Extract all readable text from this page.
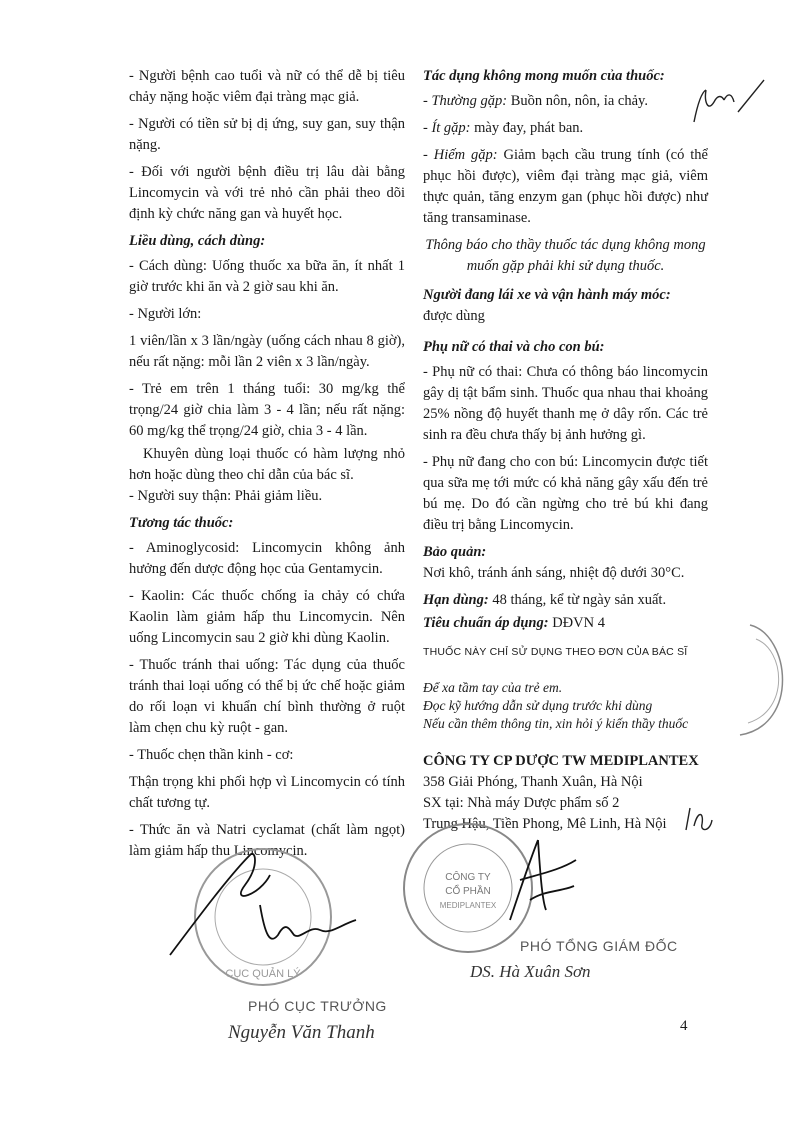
- Người bệnh cao tuổi và nữ có thể dễ bị tiêu chảy nặng hoặc viêm đại tràng mạc giả.

- Người có tiền sử bị dị ứng, suy gan, suy thận nặng.

- Đối với người bệnh điều trị lâu dài bằng Lincomycin và với trẻ nhỏ cần phải theo dõi định kỳ chức năng gan và huyết học.

Liều dùng, cách dùng:

- Cách dùng: Uống thuốc xa bữa ăn, ít nhất 1 giờ trước khi ăn và 2 giờ sau khi ăn.

- Người lớn:

1 viên/lần x 3 lần/ngày (uống cách nhau 8 giờ), nếu rất nặng: mỗi lần 2 viên x 3 lần/ngày.

- Trẻ em trên 1 tháng tuổi: 30 mg/kg thể trọng/24 giờ chia làm 3 - 4 lần; nếu rất nặng: 60 mg/kg thể trọng/24 giờ, chia 3 - 4 lần.

Khuyên dùng loại thuốc có hàm lượng nhỏ hơn hoặc dùng theo chỉ dẫn của bác sĩ.

- Người suy thận: Phải giảm liều.

Tương tác thuốc:

- Aminoglycosid: Lincomycin không ảnh hưởng đến dược động học của Gentamycin.

- Kaolin: Các thuốc chống ỉa chảy có chứa Kaolin làm giảm hấp thu Lincomycin. Nên uống Lincomycin sau 2 giờ khi dùng Kaolin.

- Thuốc tránh thai uống: Tác dụng của thuốc tránh thai loại uống có thể bị ức chế hoặc giảm do rối loạn vi khuẩn chí bình thường ở ruột làm chẹn chu kỳ ruột - gan.

- Thuốc chẹn thần kinh - cơ:

Thận trọng khi phối hợp vì Lincomycin có tính chất tương tự.

- Thức ăn và Natri cyclamat (chất làm ngọt) làm giảm hấp thu Lincomycin.

Tác dụng không mong muốn của thuốc:

- Thường gặp: Buồn nôn, nôn, ỉa chảy.

- Ít gặp: mày đay, phát ban.

- Hiếm gặp: Giảm bạch cầu trung tính (có thể phục hồi được), viêm đại tràng mạc giả, viêm thực quản, tăng enzym gan (phục hồi được) như tăng transaminase.

Thông báo cho thầy thuốc tác dụng không mong muốn gặp phải khi sử dụng thuốc.

Người đang lái xe và vận hành máy móc:

được dùng

Phụ nữ có thai và cho con bú:

- Phụ nữ có thai: Chưa có thông báo lincomycin gây dị tật bẩm sinh. Thuốc qua nhau thai khoảng 25% nồng độ huyết thanh mẹ ở dây rốn. Các trẻ sinh ra đều chưa thấy bị ảnh hưởng gì.

- Phụ nữ đang cho con bú: Lincomycin được tiết qua sữa mẹ tới mức có khả năng gây xấu đến trẻ bú mẹ. Do đó cần ngừng cho trẻ bú khi đang điều trị bằng Lincomycin.

Bảo quản:

Nơi khô, tránh ánh sáng, nhiệt độ dưới 30°C.

Hạn dùng: 48 tháng, kể từ ngày sản xuất.

Tiêu chuẩn áp dụng: DĐVN 4

THUỐC NÀY CHỈ SỬ DỤNG THEO ĐƠN CỦA BÁC SĨ

Để xa tầm tay của trẻ em.
Đọc kỹ hướng dẫn sử dụng trước khi dùng
Nếu cần thêm thông tin, xin hỏi ý kiến thầy thuốc
CÔNG TY CP DƯỢC TW MEDIPLANTEX
358 Giải Phóng, Thanh Xuân, Hà Nội
SX tại: Nhà máy Dược phẩm số 2
Trung Hậu, Tiền Phong, Mê Linh, Hà Nội
CỤC QUẢN LÝ
PHÓ CỤC TRƯỞNG
Nguyễn Văn Thanh
CÔNG TY
CỔ PHẦN
MEDIPLANTEX
PHÓ TỔNG GIÁM ĐỐC
DS. Hà Xuân Sơn
4
